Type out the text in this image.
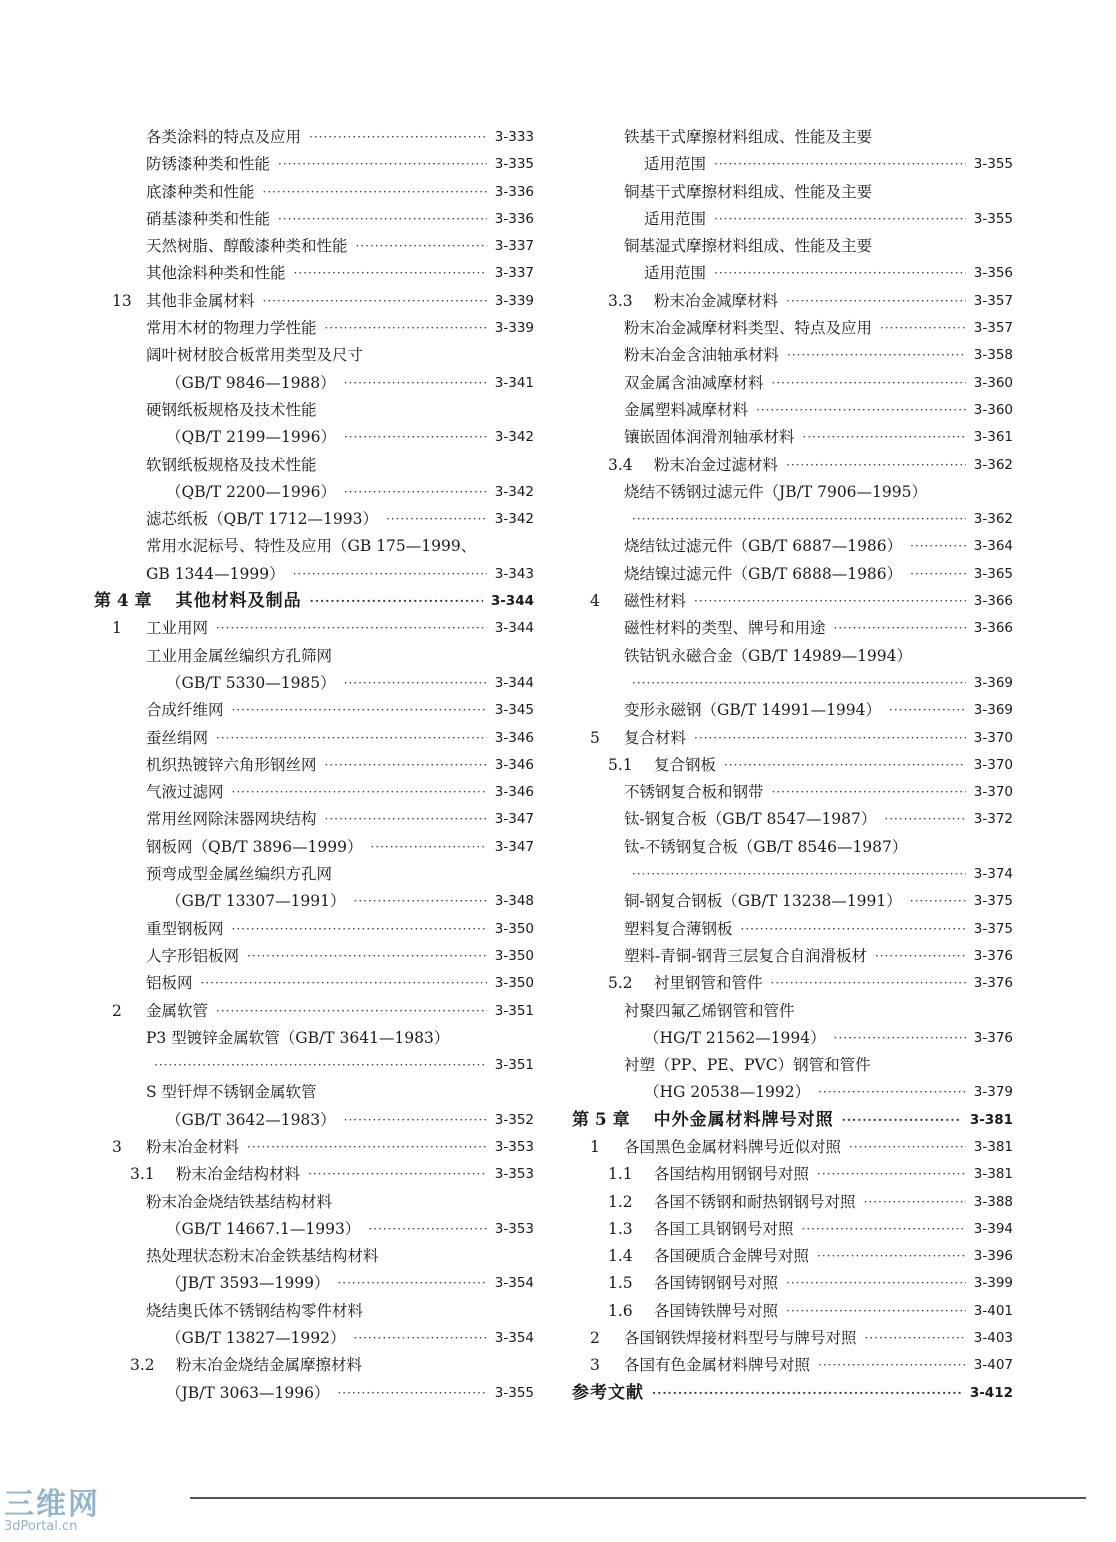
各类涂料的特点及应用 ·····	3-333
防锈漆种类和性能 ·····	3-335
底漆种类和性能 ·····	3-336
硝基漆种类和性能 ·····	3-336
天然树脂、醇酸漆种类和性能 ·····	3-337
其他涂料种类和性能 ·····	3-337
13 其他非金属材料 ·····	3-339
常用木材的物理力学性能 ·····	3-339
阔叶树材胶合板常用类型及尺寸
（GB/T 9846—1988） ·····	3-341
硬钢纸板规格及技术性能
（QB/T 2199—1996） ·····	3-342
软钢纸板规格及技术性能
（QB/T 2200—1996） ·····	3-342
滤芯纸板（QB/T 1712—1993） ·····	3-342
常用水泥标号、特性及应用（GB 175—1999、
GB 1344—1999） ·····	3-343
第 4 章 其他材料及制品 ·····	3-344
1	工业用网 ·····	3-344
工业用金属丝编织方孔筛网
（GB/T 5330—1985） ·····	3-344
合成纤维网 ·····	3-345
蚕丝绢网 ·····	3-346
机织热镀锌六角形钢丝网 ·····	3-346
气液过滤网 ·····	3-346
常用丝网除沫器网块结构 ·····	3-347
钢板网（QB/T 3896—1999） ·····	3-347
预弯成型金属丝编织方孔网
（GB/T 13307—1991） ·····	3-348
重型钢板网 ·····	3-350
人字形铝板网 ·····	3-350
铝板网 ·····	3-350
2	金属软管 ·····	3-351
P3 型镀锌金属软管（GB/T 3641—1983）
·····
3-351
S 型钎焊不锈钢金属软管
（GB/T 3642—1983） ·····	3-352
3	粉末冶金材料 ·····	3-353
3.1	粉末冶金结构材料 ·····	3-353
粉末冶金烧结铁基结构材料
（GB/T 14667.1—1993） ·····	3-353
热处理状态粉末冶金铁基结构材料
（JB/T 3593—1999） ·····	3-354
烧结奥氏体不锈钢结构零件材料
（GB/T 13827—1992） ·····	3-354
3.2	粉末冶金烧结金属摩擦材料
（JB/T 3063—1996） ·····	3-355
铁基干式摩擦材料组成、性能及主要
适用范围 ·····	3-355
铜基干式摩擦材料组成、性能及主要
适用范围 ·····	3-355
铜基湿式摩擦材料组成、性能及主要
适用范围 ·····	3-356
3.3	粉末冶金减摩材料 ·····	3-357
粉末冶金减摩材料类型、特点及应用 ·····	3-357
粉末冶金含油轴承材料 ·····	3-358
双金属含油减摩材料 ·····	3-360
金属塑料减摩材料 ·····	3-360
镶嵌固体润滑剂轴承材料 ·····	3-361
3.4	粉末冶金过滤材料 ·····	3-362
烧结不锈钢过滤元件（JB/T 7906—1995）
·····
3-362
烧结钛过滤元件（GB/T 6887—1986） ·····	3-364
烧结镍过滤元件（GB/T 6888—1986） ·····	3-365
4	磁性材料 ·····	3-366
磁性材料的类型、牌号和用途 ·····	3-366
铁钴钒永磁合金（GB/T 14989—1994）
·····
3-369
变形永磁钢（GB/T 14991—1994） ·····	3-369
5	复合材料 ·····	3-370
5.1	复合钢板 ·····	3-370
不锈钢复合板和钢带 ·····	3-370
钛-钢复合板（GB/T 8547—1987） ·····	3-372
钛-不锈钢复合板（GB/T 8546—1987）
·····
3-374
铜-钢复合钢板（GB/T 13238—1991） ·····	3-375
塑料复合薄钢板 ·····	3-375
塑料-青铜-钢背三层复合自润滑板材 ·····	3-376
5.2	衬里钢管和管件 ·····	3-376
衬聚四氟乙烯钢管和管件
（HG/T 21562—1994） ·····	3-376
衬塑（PP、PE、PVC）钢管和管件
（HG 20538—1992） ·····	3-379
第 5 章 中外金属材料牌号对照 ·····	3-381
1	各国黑色金属材料牌号近似对照 ·····	3-381
1.1	各国结构用钢钢号对照 ·····	3-381
1.2	各国不锈钢和耐热钢钢号对照 ·····	3-388
1.3	各国工具钢钢号对照 ·····	3-394
1.4	各国硬质合金牌号对照 ·····	3-396
1.5	各国铸钢钢号对照 ·····	3-399
1.6	各国铸铁牌号对照 ·····	3-401
2	各国钢铁焊接材料型号与牌号对照 ·····	3-403
3	各国有色金属材料牌号对照 ·····	3-407
参考文献 ·····	3-412
三维网
3dPortal.cn
